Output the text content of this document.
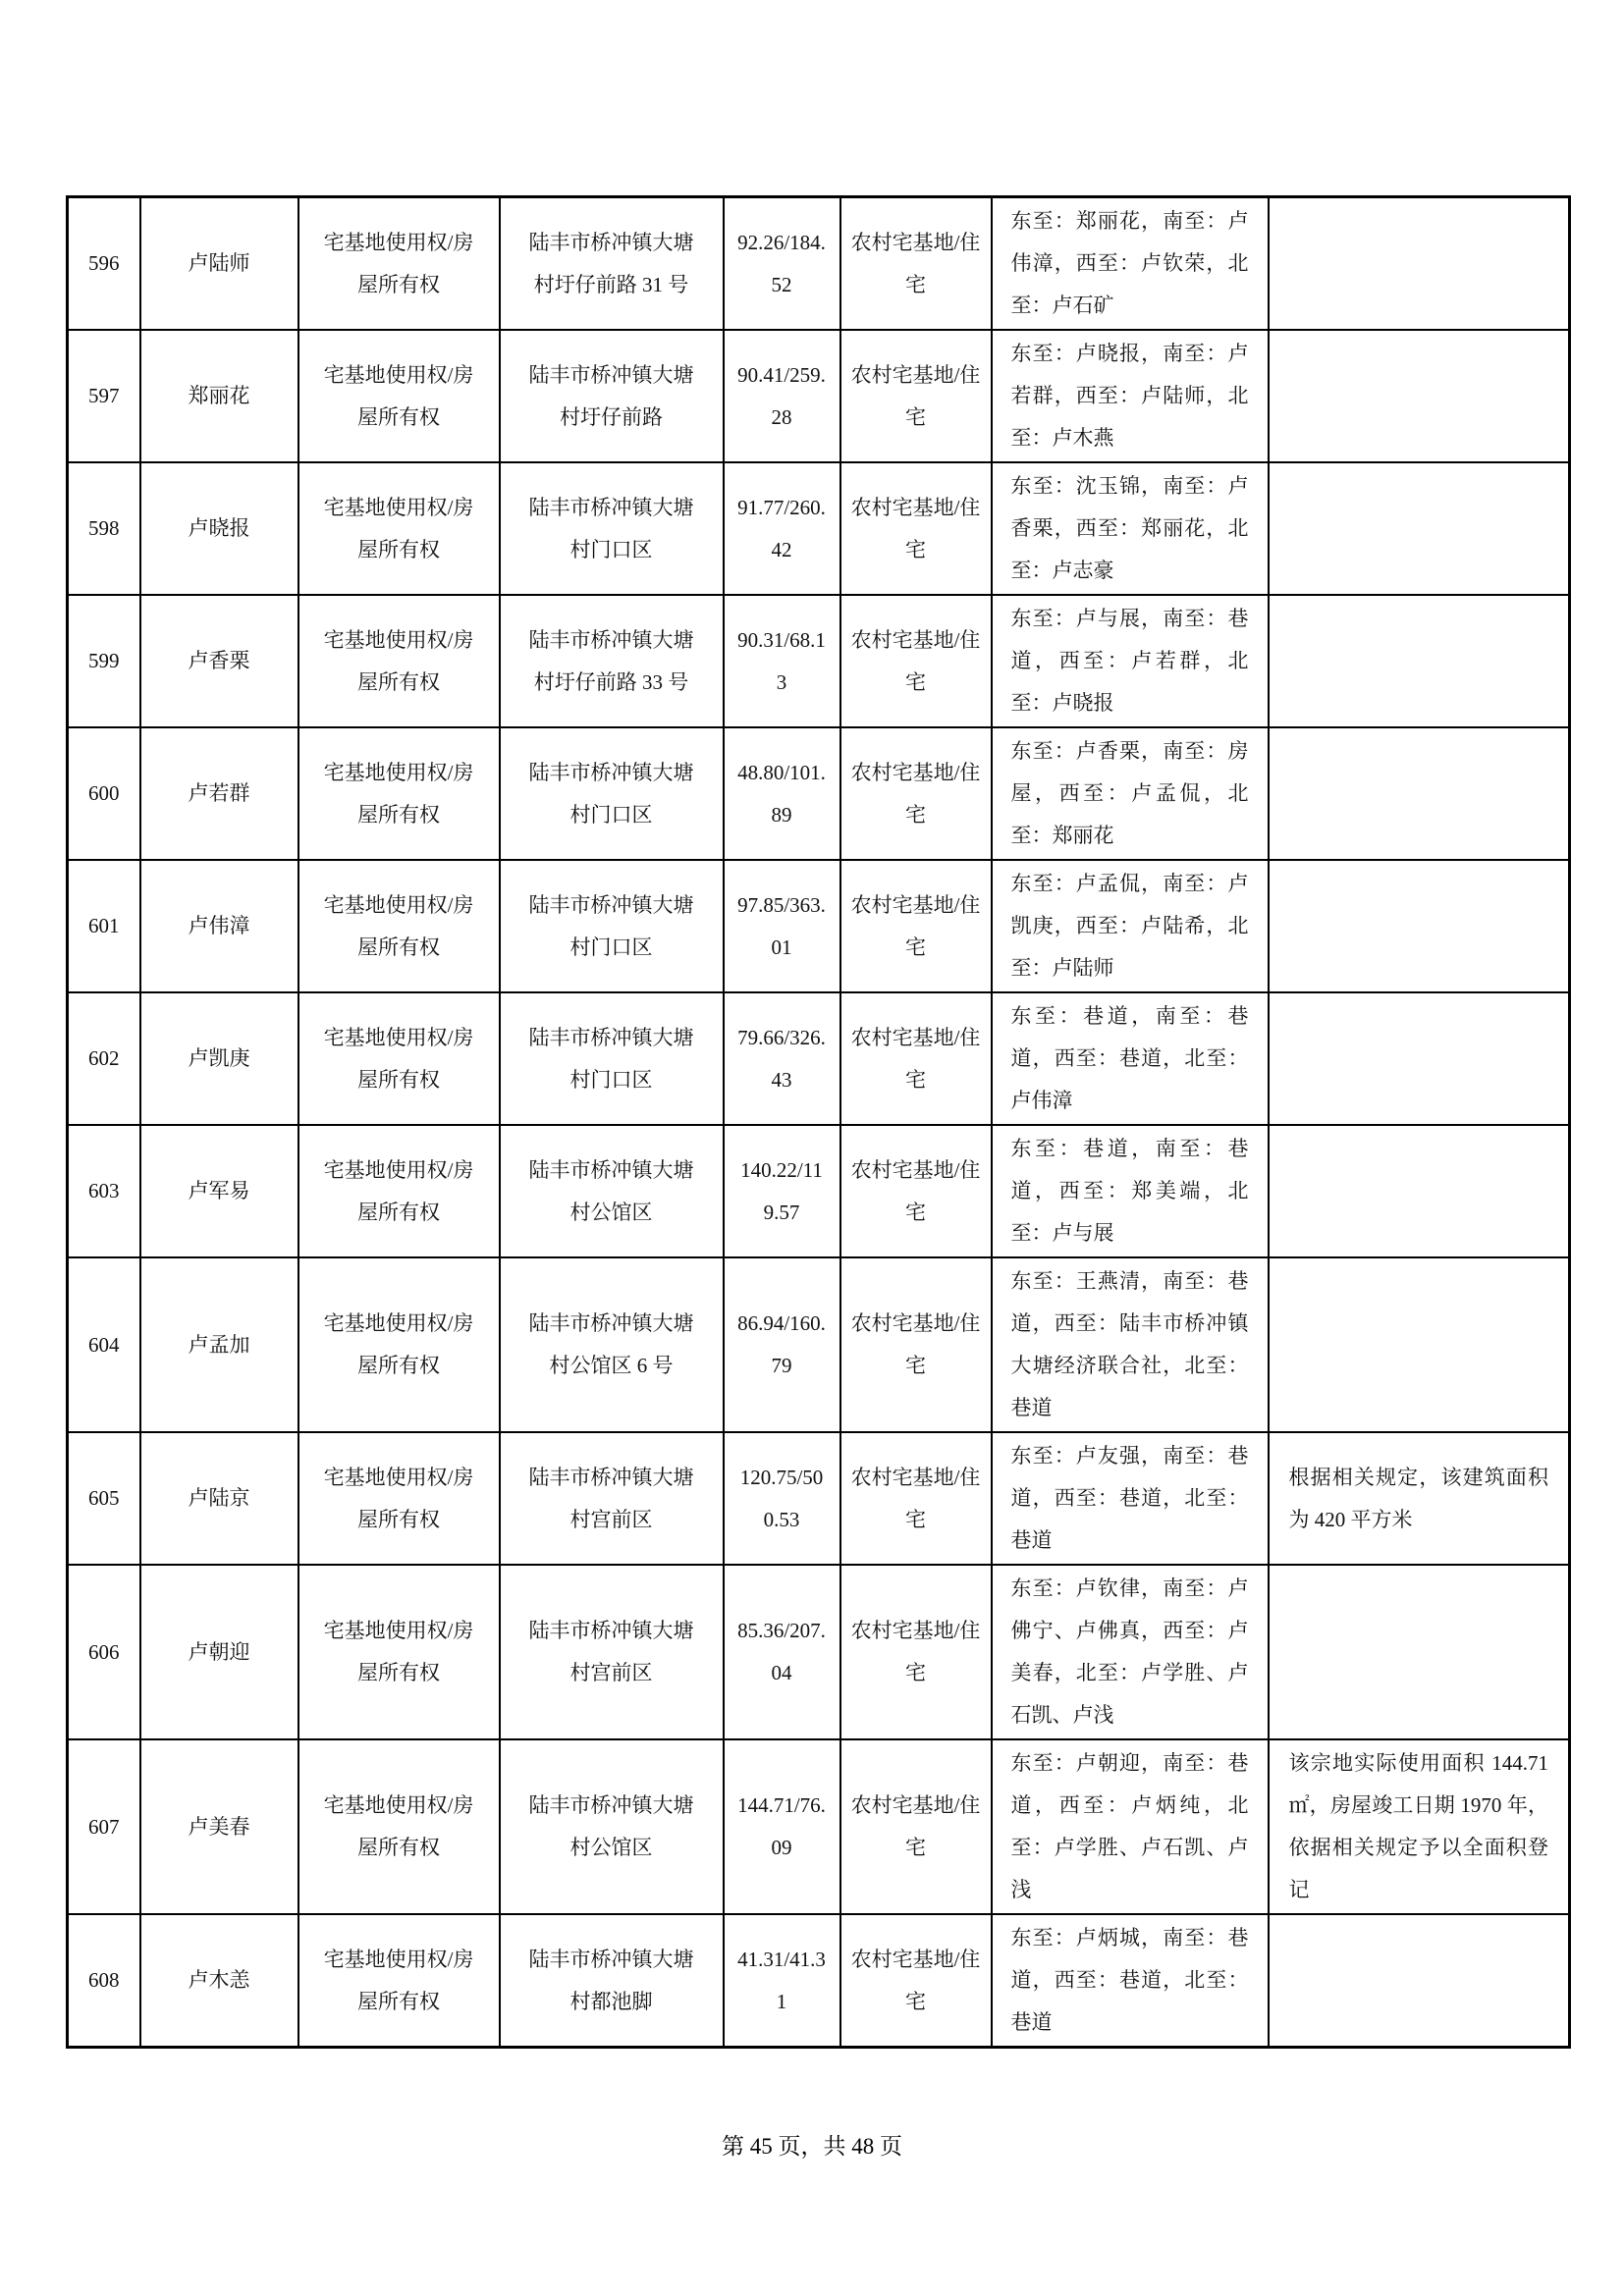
596	卢陆师	宅基地使用权/房屋所有权	陆丰市桥冲镇大塘村圩仔前路 31 号	92.26/184.52	农村宅基地/住宅	东至：郑丽花，南至：卢伟漳，西至：卢钦荣，北至：卢石矿	
597	郑丽花	宅基地使用权/房屋所有权	陆丰市桥冲镇大塘村圩仔前路	90.41/259.28	农村宅基地/住宅	东至：卢晓报，南至：卢若群，西至：卢陆师，北至：卢木燕	
598	卢晓报	宅基地使用权/房屋所有权	陆丰市桥冲镇大塘村门口区	91.77/260.42	农村宅基地/住宅	东至：沈玉锦，南至：卢香栗，西至：郑丽花，北至：卢志豪	
599	卢香栗	宅基地使用权/房屋所有权	陆丰市桥冲镇大塘村圩仔前路 33 号	90.31/68.13	农村宅基地/住宅	东至：卢与展，南至：巷道，西至：卢若群，北至：卢晓报	
600	卢若群	宅基地使用权/房屋所有权	陆丰市桥冲镇大塘村门口区	48.80/101.89	农村宅基地/住宅	东至：卢香栗，南至：房屋，西至：卢孟侃，北至：郑丽花	
601	卢伟漳	宅基地使用权/房屋所有权	陆丰市桥冲镇大塘村门口区	97.85/363.01	农村宅基地/住宅	东至：卢孟侃，南至：卢凯庚，西至：卢陆希，北至：卢陆师	
602	卢凯庚	宅基地使用权/房屋所有权	陆丰市桥冲镇大塘村门口区	79.66/326.43	农村宅基地/住宅	东至：巷道，南至：巷道，西至：巷道，北至：卢伟漳	
603	卢军易	宅基地使用权/房屋所有权	陆丰市桥冲镇大塘村公馆区	140.22/119.57	农村宅基地/住宅	东至：巷道，南至：巷道，西至：郑美端，北至：卢与展	
604	卢孟加	宅基地使用权/房屋所有权	陆丰市桥冲镇大塘村公馆区 6 号	86.94/160.79	农村宅基地/住宅	东至：王燕清，南至：巷道，西至：陆丰市桥冲镇大塘经济联合社，北至：巷道	
605	卢陆京	宅基地使用权/房屋所有权	陆丰市桥冲镇大塘村宫前区	120.75/500.53	农村宅基地/住宅	东至：卢友强，南至：巷道，西至：巷道，北至：巷道	根据相关规定，该建筑面积为 420 平方米
606	卢朝迎	宅基地使用权/房屋所有权	陆丰市桥冲镇大塘村宫前区	85.36/207.04	农村宅基地/住宅	东至：卢钦律，南至：卢佛宁、卢佛真，西至：卢美春，北至：卢学胜、卢石凯、卢浅	
607	卢美春	宅基地使用权/房屋所有权	陆丰市桥冲镇大塘村公馆区	144.71/76.09	农村宅基地/住宅	东至：卢朝迎，南至：巷道，西至：卢炳纯，北至：卢学胜、卢石凯、卢浅	该宗地实际使用面积 144.71㎡，房屋竣工日期 1970 年，依据相关规定予以全面积登记
608	卢木恙	宅基地使用权/房屋所有权	陆丰市桥冲镇大塘村都池脚	41.31/41.31	农村宅基地/住宅	东至：卢炳城，南至：巷道，西至：巷道，北至：巷道	
第 45 页，共 48 页
